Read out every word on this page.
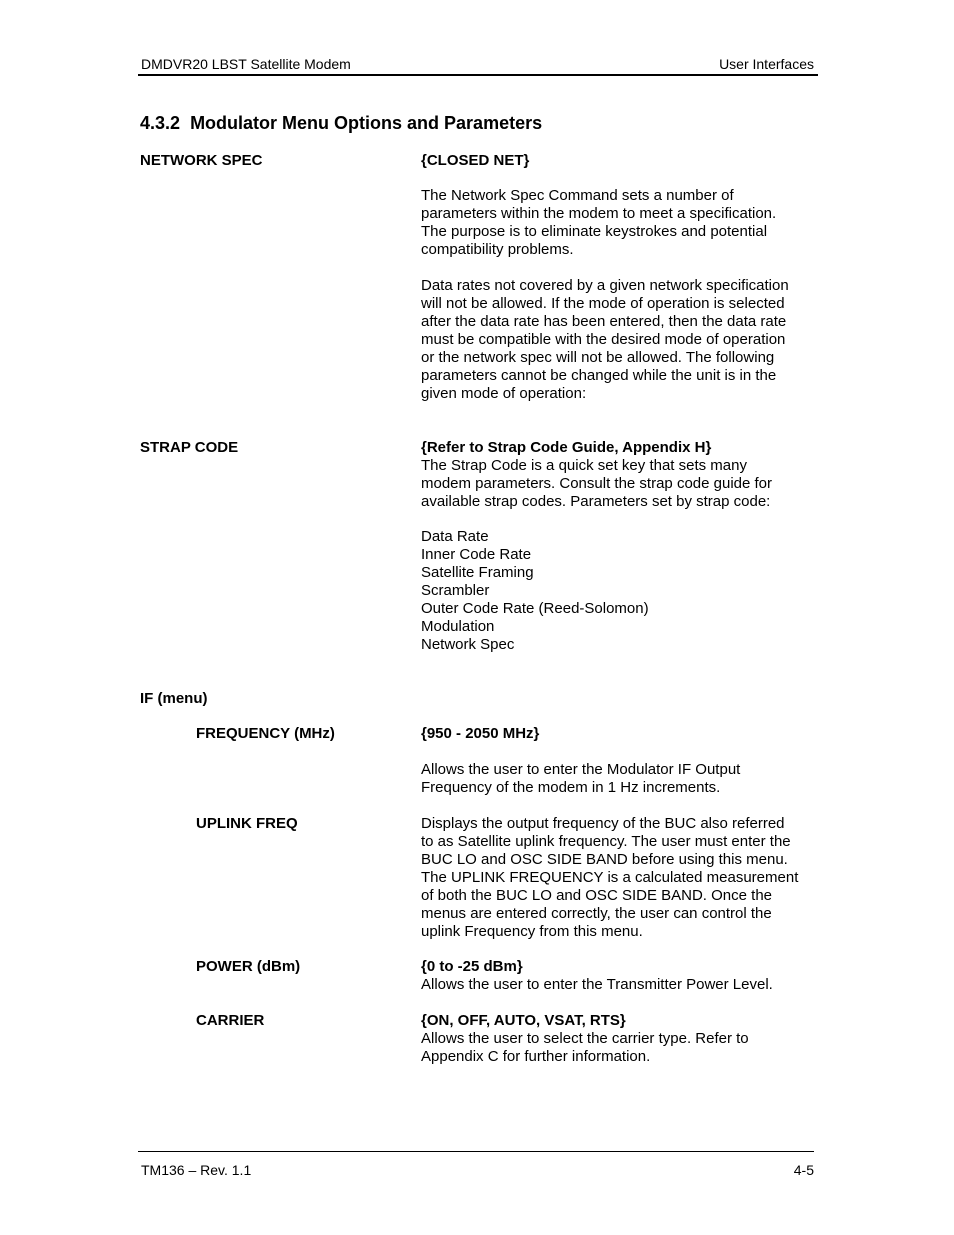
DMDVR20 LBST Satellite Modem	User Interfaces
4.3.2 Modulator Menu Options and Parameters
NETWORK SPEC	{CLOSED NET}
The Network Spec Command sets a number of
parameters within the modem to meet a specification.
The purpose is to eliminate keystrokes and potential
compatibility problems.
Data rates not covered by a given network specification
will not be allowed. If the mode of operation is selected
after the data rate has been entered, then the data rate
must be compatible with the desired mode of operation
or the network spec will not be allowed. The following
parameters cannot be changed while the unit is in the
given mode of operation:
STRAP CODE	{Refer to Strap Code Guide, Appendix H}
The Strap Code is a quick set key that sets many
modem parameters. Consult the strap code guide for
available strap codes. Parameters set by strap code:
Data Rate
Inner Code Rate
Satellite Framing
Scrambler
Outer Code Rate (Reed-Solomon)
Modulation
Network Spec
IF (menu)
FREQUENCY (MHz)	{950 - 2050 MHz}
Allows the user to enter the Modulator IF Output
Frequency of the modem in 1 Hz increments.
UPLINK FREQ	Displays the output frequency of the BUC also referred
to as Satellite uplink frequency. The user must enter the
BUC LO and OSC SIDE BAND before using this menu.
The UPLINK FREQUENCY is a calculated measurement
of both the BUC LO and OSC SIDE BAND. Once the
menus are entered correctly, the user can control the
uplink Frequency from this menu.
POWER (dBm)	{0 to -25 dBm}
Allows the user to enter the Transmitter Power Level.
CARRIER	{ON, OFF, AUTO, VSAT, RTS}
Allows the user to select the carrier type. Refer to
Appendix C for further information.
TM136 – Rev. 1.1	4-5
